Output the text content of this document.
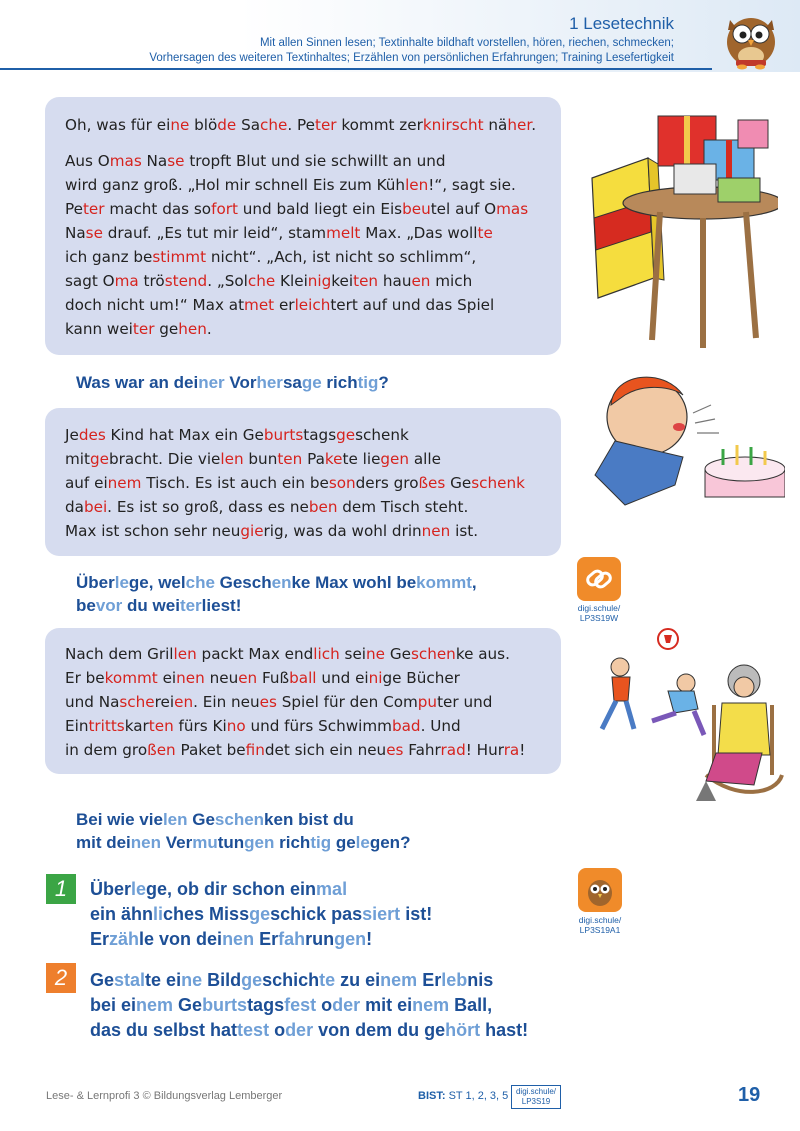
1 Lesetechnik
Mit allen Sinnen lesen; Textinhalte bildhaft vorstellen, hören, riechen, schmecken;
Vorhersagen des weiteren Textinhaltes; Erzählen von persönlichen Erfahrungen; Training Lesefertigkeit

Oh, was für eine blöde Sache. Peter kommt zerknirscht näher.

Aus Omas Nase tropft Blut und sie schwillt an und
wird ganz groß. „Hol mir schnell Eis zum Kühlen!“, sagt sie.
Peter macht das sofort und bald liegt ein Eisbeutel auf Omas
Nase drauf. „Es tut mir leid“, stammelt Max. „Das wollte
ich ganz bestimmt nicht“. „Ach, ist nicht so schlimm“,
sagt Oma tröstend. „Solche Kleinigkeiten hauen mich
doch nicht um!“ Max atmet erleichtert auf und das Spiel
kann weiter gehen.
Was war an deiner Vorhersage richtig?
Jedes Kind hat Max ein Geburtstagsgeschenk
mitgebracht. Die vielen bunten Pakete liegen alle
auf einem Tisch. Es ist auch ein besonders großes Geschenk
dabei. Es ist so groß, dass es neben dem Tisch steht.
Max ist schon sehr neugierig, was da wohl drinnen ist.
Überlege, welche Geschenke Max wohl bekommt,
bevor du weiterliest!	digi.schule/
LP3S19W
Nach dem Grillen packt Max endlich seine Geschenke aus.
Er bekommt einen neuen Fußball und einige Bücher
und Naschereien. Ein neues Spiel für den Computer und
Eintrittskarten fürs Kino und fürs Schwimmbad. Und
in dem großen Paket befindet sich ein neues Fahrrad! Hurra!
Bei wie vielen Geschenken bist du
mit deinen Vermutungen richtig gelegen?
1	Überlege, ob dir schon einmal
ein ähnliches Missgeschick passiert ist!
Erzähle von deinen Erfahrungen!
digi.schule/
LP3S19A1
2	Gestalte eine Bildgeschichte zu einem Erlebnis
bei einem Geburtstagsfest oder mit einem Ball,
das du selbst hattest oder von dem du gehört hast!
Lese- & Lernprofi 3 © Bildungsverlag Lemberger	BIST: ST 1, 2, 3, 5 digi.schule/
LP3S19	19
